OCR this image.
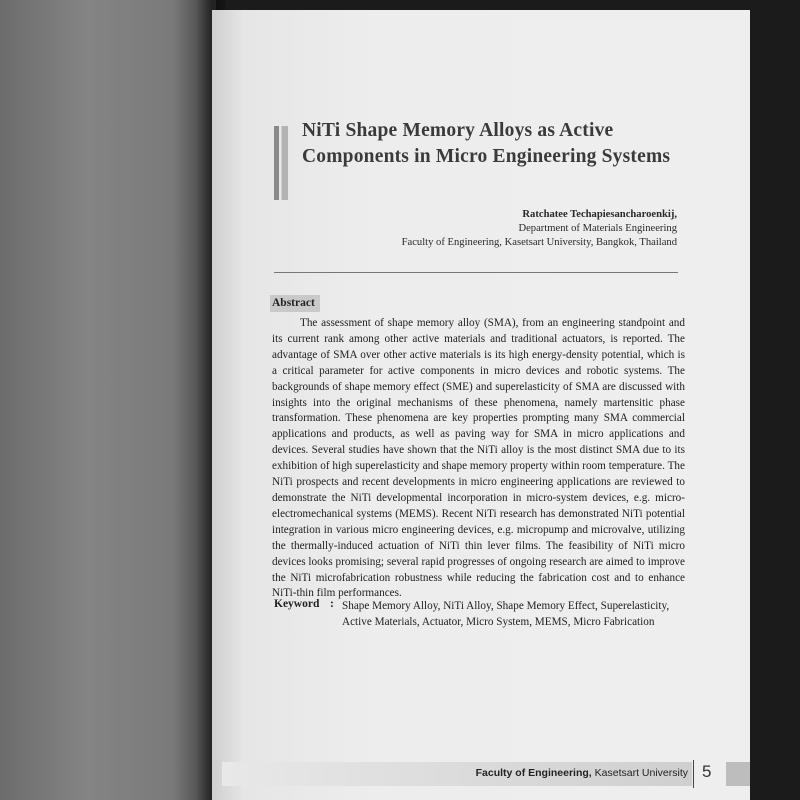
NiTi Shape Memory Alloys as Active Components in Micro Engineering Systems
Ratchatee Techapiesancharoenkij,
Department of Materials Engineering
Faculty of Engineering, Kasetsart University, Bangkok, Thailand
Abstract

The assessment of shape memory alloy (SMA), from an engineering standpoint and its current rank among other active materials and traditional actuators, is reported. The advantage of SMA over other active materials is its high energy-density potential, which is a critical parameter for active components in micro devices and robotic systems. The backgrounds of shape memory effect (SME) and superelasticity of SMA are discussed with insights into the original mechanisms of these phenomena, namely martensitic phase transformation. These phenomena are key properties prompting many SMA commercial applications and products, as well as paving way for SMA in micro applications and devices. Several studies have shown that the NiTi alloy is the most distinct SMA due to its exhibition of high superelasticity and shape memory property within room temperature. The NiTi prospects and recent developments in micro engineering applications are reviewed to demonstrate the NiTi developmental incorporation in micro-system devices, e.g. micro-electromechanical systems (MEMS). Recent NiTi research has demonstrated NiTi potential integration in various micro engineering devices, e.g. micropump and microvalve, utilizing the thermally-induced actuation of NiTi thin lever films. The feasibility of NiTi micro devices looks promising; several rapid progresses of ongoing research are aimed to improve the NiTi microfabrication robustness while reducing the fabrication cost and to enhance NiTi-thin film performances.

Keyword : Shape Memory Alloy, NiTi Alloy, Shape Memory Effect, Superelasticity, Active Materials, Actuator, Micro System, MEMS, Micro Fabrication
Faculty of Engineering, Kasetsart University 5
